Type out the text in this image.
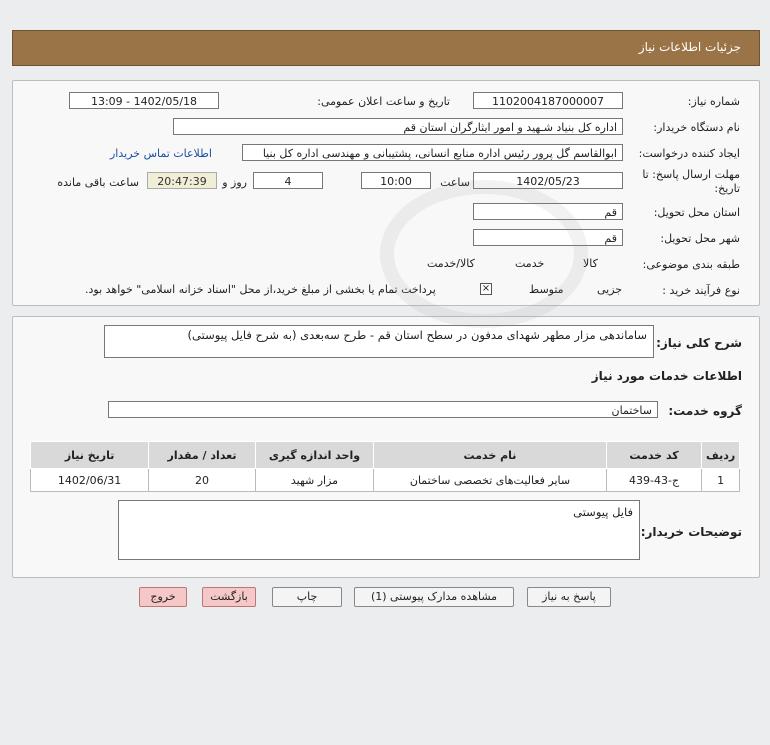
جزئیات اطلاعات نیاز
شماره نیاز:
1102004187000007
تاریخ و ساعت اعلان عمومی:
1402/05/18 - 13:09
نام دستگاه خریدار:
اداره کل بنیاد شـهید و امور ایثارگران استان قم
ایجاد کننده درخواست:
ابوالقاسم گل پرور رئیس اداره منابع انسانی، پشتیبانی و مهندسی اداره کل بنیا
اطلاعات تماس خریدار
مهلت ارسال پاسخ: تا
تاریخ:
1402/05/23
ساعت
10:00
4
روز و
20:47:39
ساعت باقی مانده
استان محل تحویل:
قم
شهر محل تحویل:
قم
طبقه بندی موضوعی:

کالا

خدمت

کالا/خدمت
نوع فرآیند خرید :

جزیی
متوسط
×
پرداخت تمام یا بخشی از مبلغ خرید،از محل "اسناد خزانه اسلامی" خواهد بود.
شرح کلی نیاز:
ساماندهی مزار مطهر شهدای مدفون در سطح استان قم - طرح سه‌بعدی (به شرح فایل پیوستی)
اطلاعات خدمات مورد نیاز
گروه خدمت:
ساختمان
ردیف	کد خدمت	نام خدمت	واحد اندازه گیری	تعداد / مقدار	تاریخ نیاز
1	ج-43-439	سایر فعالیت‌های تخصصی ساختمان	مزار شهید	20	1402/06/31
توضیحات خریدار:
فایل پیوستی
پاسخ به نیاز
مشاهده مدارک پیوستی (1)
چاپ
بازگشت
خروج
